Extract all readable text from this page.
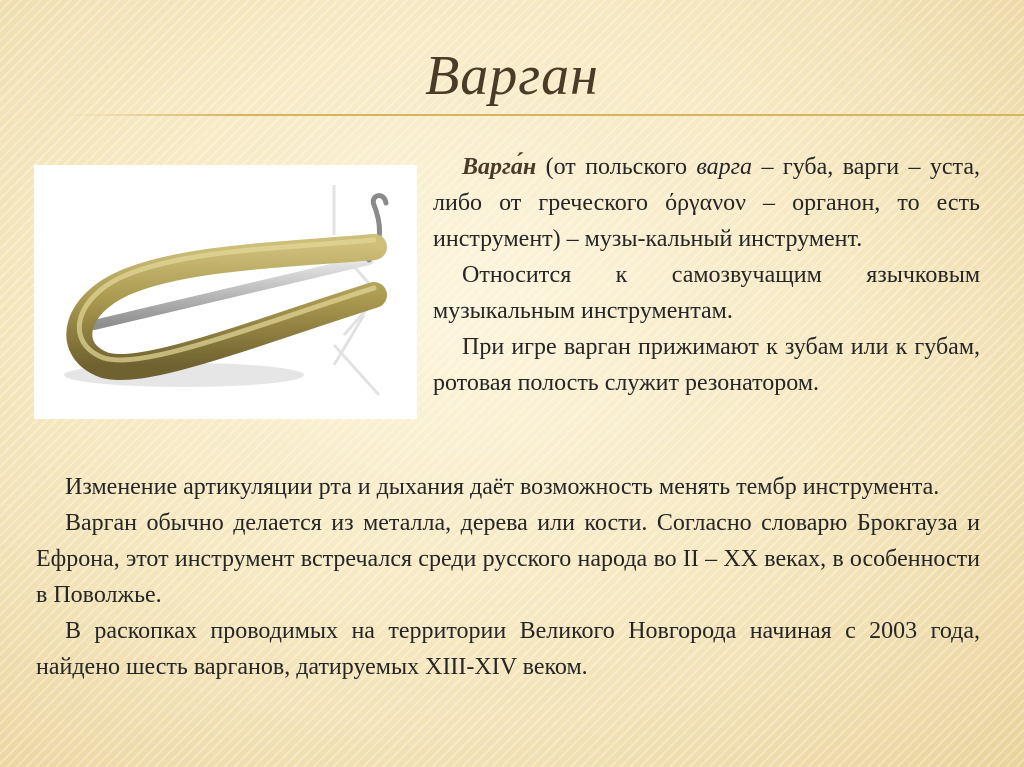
Варган

Варга́н (от польского варга – губа, варги – уста, либо от греческого όργανον – органон, то есть инструмент) – музы-кальный инструмент.

Относится к самозвучащим язычковым музыкальным инструментам.

При игре варган прижимают к зубам или к губам, ротовая полость служит резонатором.

Изменение артикуляции рта и дыхания даёт возможность менять тембр инструмента.

Варган обычно делается из металла, дерева или кости. Согласно словарю Брокгауза и Ефрона, этот инструмент встречался среди русского народа во II – XX веках, в особенности в Поволжье.

В раскопках проводимых на территории Великого Новгорода начиная с 2003 года, найдено шесть варганов, датируемых XIII-XIV веком.
